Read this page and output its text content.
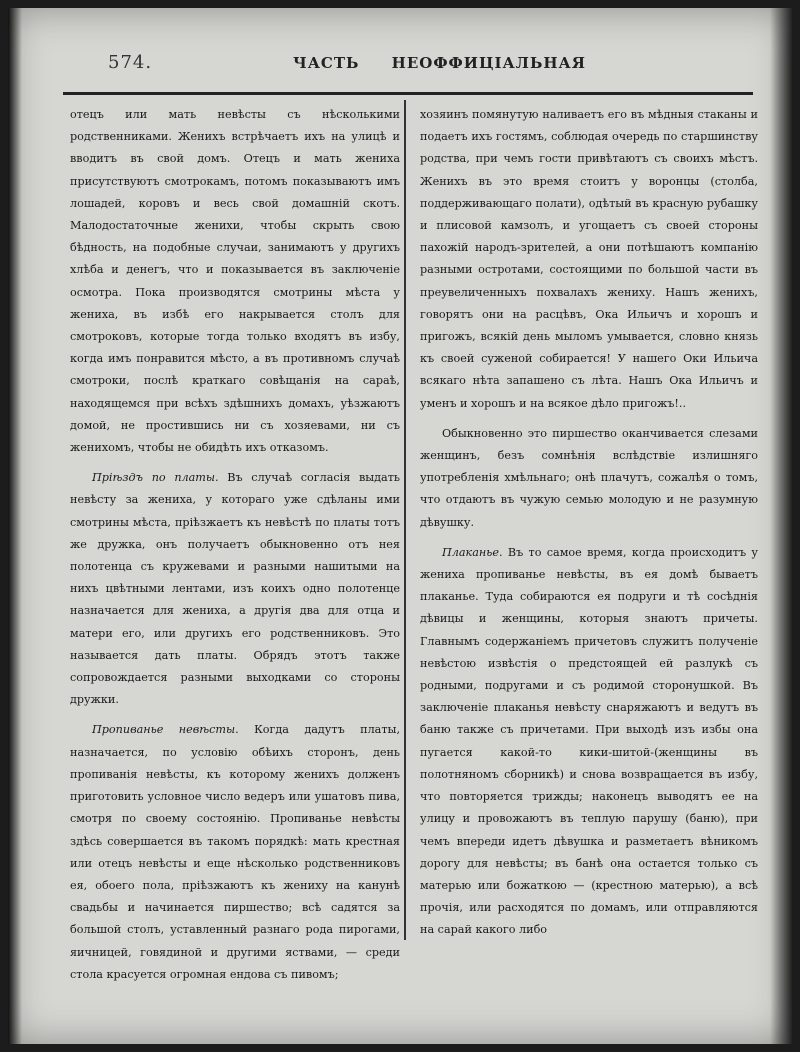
574.	ЧАСТЬ НЕОФФИЦІАЛЬНАЯ

отецъ или мать невѣсты съ нѣсколькими родственниками. Женихъ встрѣчаетъ ихъ на улицѣ и вводитъ въ свой домъ. Отецъ и мать жениха присутствуютъ смотрокамъ, потомъ показываютъ имъ лошадей, коровъ и весь свой домашній скотъ. Малодостаточные женихи, чтобы скрыть свою бѣдность, на подобные случаи, занимаютъ у другихъ хлѣба и денегъ, что и показывается въ заключеніе осмотра. Пока производятся смотрины мѣста у жениха, въ избѣ его накрывается столъ для смотроковъ, которые тогда только входятъ въ избу, когда имъ понравится мѣсто, а въ противномъ случаѣ смотроки, послѣ краткаго совѣщанія на сараѣ, находящемся при всѣхъ здѣшнихъ домахъ, уѣзжаютъ домой, не простившись ни съ хозяевами, ни съ женихомъ, чтобы не обидѣть ихъ отказомъ.

Пріѣздъ по платы. Въ случаѣ согласія выдать невѣсту за жениха, у котораго уже сдѣланы ими смотрины мѣста, пріѣзжаетъ къ невѣстѣ по платы тотъ же дружка, онъ получаетъ обыкновенно отъ нея полотенца съ кружевами и разными нашитыми на нихъ цвѣтными лентами, изъ коихъ одно полотенце назначается для жениха, а другія два для отца и матери его, или другихъ его родственниковъ. Это называется дать платы. Обрядъ этотъ также сопровождается разными выходками со стороны дружки.

Пропиванье невѣсты. Когда дадутъ платы, назначается, по условію обѣихъ сторонъ, день пропиванія невѣсты, къ которому женихъ долженъ приготовить условное число ведеръ или ушатовъ пива, смотря по своему состоянію. Пропиванье невѣсты здѣсь совершается въ такомъ порядкѣ: мать крестная или отецъ невѣсты и еще нѣсколько родственниковъ ея, обоего пола, пріѣзжаютъ къ жениху на канунѣ свадьбы и начинается пиршество; всѣ садятся за большой столъ, уставленный разнаго рода пирогами, яичницей, говядиной и другими яствами, — среди стола красуется огромная ендова съ пивомъ;

хозяинъ помянутую наливаетъ его въ мѣдныя стаканы и подаетъ ихъ гостямъ, соблюдая очередь по старшинству родства, при чемъ гости привѣтаютъ съ своихъ мѣстъ. Женихъ въ это время стоитъ у воронцы (столба, поддерживающаго полати), одѣтый въ красную рубашку и плисовой камзолъ, и угощаетъ съ своей стороны пахожій народъ-зрителей, а они потѣшаютъ компанію разными остротами, состоящими по большой части въ преувеличенныхъ похвалахъ жениху. Нашъ женихъ, говорятъ они на расцѣвъ, Ока Ильичъ и хорошъ и пригожъ, всякій день мыломъ умывается, словно князь къ своей суженой собирается! У нашего Оки Ильича всякаго нѣта запашено съ лѣта. Нашъ Ока Ильичъ и уменъ и хорошъ и на всякое дѣло пригожъ!..

Обыкновенно это пиршество оканчивается слезами женщинъ, безъ сомнѣнія вслѣдствіе излишняго употребленія хмѣльнаго; онѣ плачутъ, сожалѣя о томъ, что отдаютъ въ чужую семью молодую и не разумную дѣвушку.

Плаканье. Въ то самое время, когда происходитъ у жениха пропиванье невѣсты, въ ея домѣ бываетъ плаканье. Туда собираются ея подруги и тѣ сосѣднія дѣвицы и женщины, которыя знаютъ причеты. Главнымъ содержаніемъ причетовъ служитъ полученіе невѣстою извѣстія о предстоящей ей разлукѣ съ родными, подругами и съ родимой сторонушкой. Въ заключеніе плаканья невѣсту снаряжаютъ и ведутъ въ баню также съ причетами. При выходѣ изъ избы она пугается какой-то кики-шитой-(женщины въ полотняномъ сборникѣ) и снова возвращается въ избу, что повторяется трижды; наконецъ выводятъ ее на улицу и провожаютъ въ теплую парушу (баню), при чемъ впереди идетъ дѣвушка и разметаетъ вѣникомъ дорогу для невѣсты; въ банѣ она остается только съ матерью или божаткою — (крестною матерью), а всѣ прочія, или расходятся по домамъ, или отправляются на сарай какого либо
